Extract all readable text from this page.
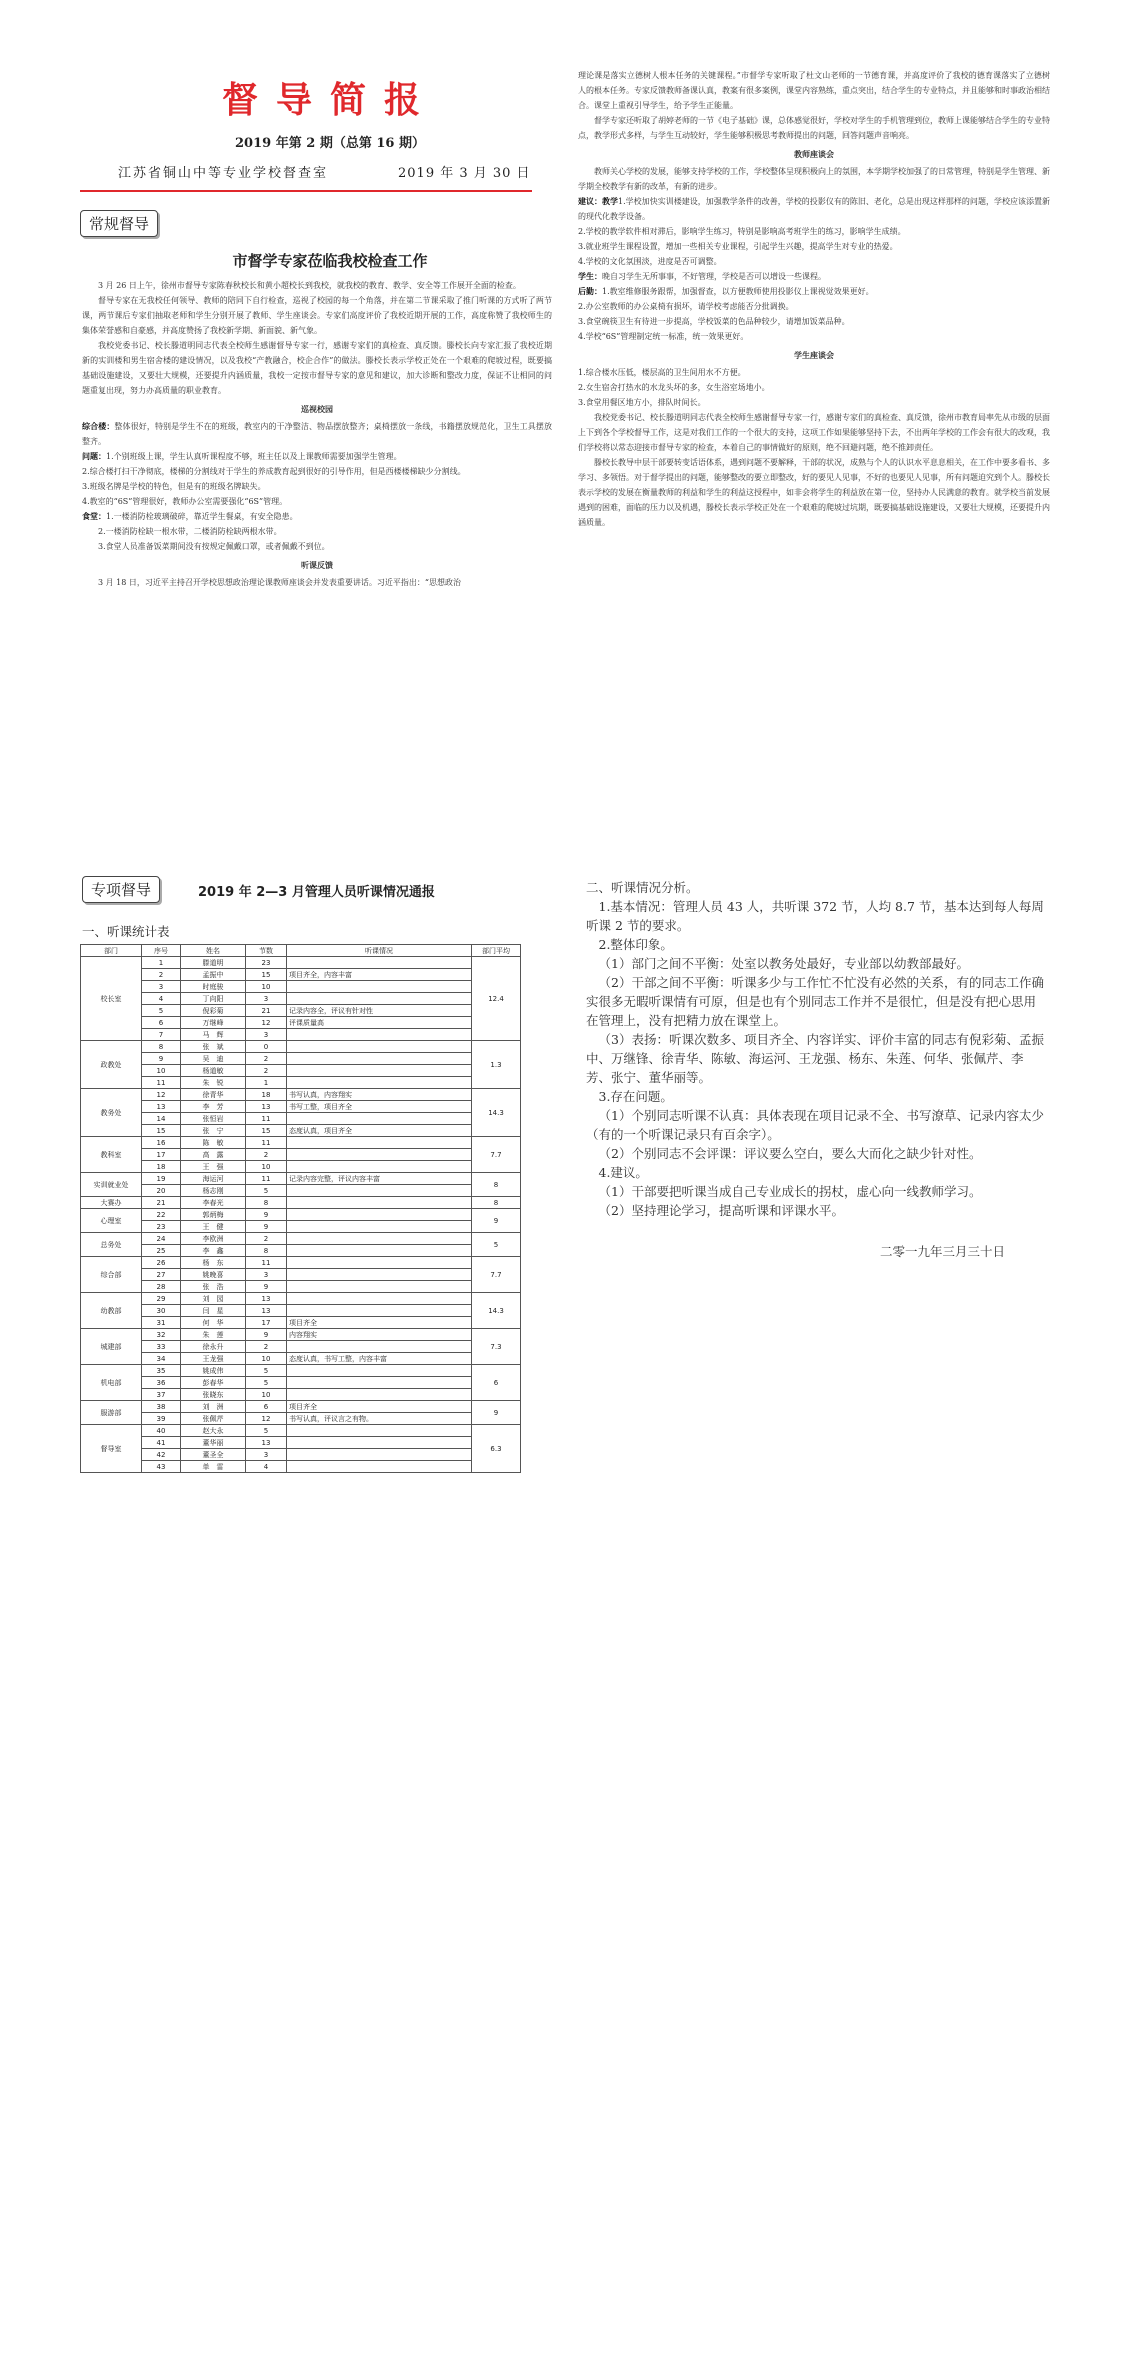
督导简报
2019 年第 2 期（总第 16 期）
江苏省铜山中等专业学校督查室	2019 年 3 月 30 日
常规督导
市督学专家莅临我校检查工作

3 月 26 日上午，徐州市督导专家陈春秋校长和黄小超校长到我校，就我校的教育、教学、安全等工作展开全面的检查。

督导专家在无我校任何领导、教师的陪同下自行检查，巡视了校园的每一个角落，并在第二节课采取了推门听课的方式听了两节课，两节课后专家们抽取老师和学生分别开展了教师、学生座谈会。专家们高度评价了我校近期开展的工作，高度称赞了我校师生的集体荣誉感和自豪感，并高度赞扬了我校新学期、新面貌、新气象。

我校党委书记、校长滕道明同志代表全校师生感谢督导专家一行，感谢专家们的真检查、真反馈。滕校长向专家汇报了我校近期新的实训楼和男生宿舍楼的建设情况，以及我校“产教融合，校企合作”的做法。滕校长表示学校正处在一个艰难的爬坡过程，既要搞基础设施建设，又要壮大规模，还要提升内涵质量，我校一定按市督导专家的意见和建议，加大诊断和整改力度，保证不让相同的问题重复出现，努力办高质量的职业教育。

巡视校园

综合楼：整体很好，特别是学生不在的班级，教室内的干净整洁、物品摆放整齐；桌椅摆放一条线，书籍摆放规范化，卫生工具摆放整齐。

问题：1.个别班级上课，学生认真听课程度不够，班主任以及上课教师需要加强学生管理。

2.综合楼打扫干净彻底，楼梯的分割线对于学生的养成教育起到很好的引导作用，但是西楼楼梯缺少分割线。

3.班级名牌是学校的特色，但是有的班级名牌缺失。

4.教室的“6S”管理很好，教师办公室需要强化“6S”管理。

食堂：1.一楼消防栓玻璃破碎，靠近学生餐桌，有安全隐患。

2.一楼消防栓缺一根水带，二楼消防栓缺两根水带。

3.食堂人员准备饭菜期间没有按规定佩戴口罩，或者佩戴不到位。

听课反馈

3 月 18 日，习近平主持召开学校思想政治理论课教师座谈会并发表重要讲话。习近平指出：“思想政治

理论课是落实立德树人根本任务的关键课程。”市督学专家听取了杜文山老师的一节德育课，并高度评价了我校的德育课落实了立德树人的根本任务。专家反馈教师备课认真，教案有很多案例，课堂内容熟练，重点突出，结合学生的专业特点，并且能够和时事政治相结合。课堂上重视引导学生，给予学生正能量。

督学专家还听取了胡婷老师的一节《电子基础》课，总体感觉很好，学校对学生的手机管理到位，教师上课能够结合学生的专业特点，教学形式多样，与学生互动较好，学生能够积极思考教师提出的问题，回答问题声音响亮。

教师座谈会

教师关心学校的发展，能够支持学校的工作，学校整体呈现积极向上的氛围，本学期学校加强了的日常管理，特别是学生管理、新学期全校教学有新的改革，有新的进步。

建议：教学1.学校加快实训楼建设，加强教学条件的改善，学校的投影仪有的陈旧、老化，总是出现这样那样的问题，学校应该添置新的现代化教学设备。

2.学校的教学软件相对滞后，影响学生练习，特别是影响高考班学生的练习，影响学生成绩。

3.就业班学生课程设置，增加一些相关专业课程，引起学生兴趣，提高学生对专业的热爱。

4.学校的文化氛围淡，进度是否可调整。

学生：晚自习学生无所事事，不好管理，学校是否可以增设一些课程。

后勤：1.教室维修服务跟帮，加强督查，以方便教师使用投影仪上课视觉效果更好。

2.办公室教师的办公桌椅有损坏，请学校考虑能否分批调换。

3.食堂碗筷卫生有待进一步提高，学校饭菜的色品种较少，请增加饭菜品种。

4.学校“6S”管理制定统一标准，统一效果更好。

学生座谈会

1.综合楼水压低，楼层高的卫生间用水不方便。

2.女生宿舍打热水的水龙头坏的多，女生浴室场地小。

3.食堂用餐区地方小，排队时间长。

我校党委书记、校长滕道明同志代表全校师生感谢督导专家一行，感谢专家们的真检查、真反馈，徐州市教育局率先从市级的层面上下到各个学校督导工作，这是对我们工作的一个很大的支持，这项工作如果能够坚持下去，不出两年学校的工作会有很大的改观，我们学校将以常态迎接市督导专家的检查，本着自己的事情做好的原则，绝不回避问题，绝不推卸责任。

滕校长教导中层干部要转变话语体系，遇到问题不要解释，干部的状况，成熟与个人的认识水平息息相关，在工作中要多看书、多学习、多领悟。对于督学提出的问题，能够整改的要立即整改，好的要见人见事，不好的也要见人见事，所有问题迫究到个人。滕校长表示学校的发展在衡量教师的利益和学生的利益这授程中，如非会将学生的利益放在第一位，坚持办人民满意的教育。就学校当前发展遇到的困难，面临的压力以及机遇，滕校长表示学校正处在一个艰难的爬坡过坑期，既要搞基础设施建设，又要壮大规模，还要提升内涵质量。

专项督导	2019 年 2—3 月管理人员听课情况通报
一、听课统计表
部门	序号	姓名	节数	听课情况	部门平均
校长室	1	滕道明	23		12.4
	2	孟振中	15	项目齐全，内容丰富	
	3	时庭骏	10		
	4	丁向阳	3		
	5	倪彩菊	21	记录内容全，评议有针对性	
	6	万继峰	12	评课质量高	
	7	马　辉	3		
政教处	8	张　斌	0		1.3
	9	吴　迪	2		
	10	杨道敏	2		
	11	朱　锐	1		
教务处	12	徐青华	18	书写认真，内容翔实	14.3
	13	李　芳	13	书写工整，项目齐全	
	14	张恒岩	11		
	15	张　宁	15	态度认真，项目齐全	
教科室	16	陈　敏	11		7.7
	17	高　露	2		
	18	王　强	10		
实训就业处	19	海运河	11	记录内容完整，评议内容丰富	8
	20	杨志刚	5		
大赛办	21	李春光	8		8
心理室	22	郭炳梅	9		9
	23	王　健	9		
总务处	24	李欧洲	2		5
	25	李　鑫	8		
综合部	26	杨　东	11		7.7
	27	姚晚喜	3		
	28	张　浩	9		
幼教部	29	刘　园	13		14.3
	30	闫　星	13		
	31	何　华	17	项目齐全	
城建部	32	朱　莲	9	内容翔实	7.3
	33	徐永升	2		
	34	王龙强	10	态度认真，书写工整，内容丰富	
机电部	35	姚成伟	5		6
	36	彭春华	5		
	37	张晓东	10		
服游部	38	刘　洲	6	项目齐全	9
	39	张佩芹	12	书写认真，评议言之有物。	
督导室	40	赵大永	5		6.3
	41	董华丽	13		
	42	董圣全	3		
	43	单　雷	4		

二、听课情况分析。

1.基本情况：管理人员 43 人，共听课 372 节，人均 8.7 节，基本达到每人每周听课 2 节的要求。

2.整体印象。

（1）部门之间不平衡：处室以教务处最好，专业部以幼教部最好。

（2）干部之间不平衡：听课多少与工作忙不忙没有必然的关系，有的同志工作确实很多无暇听课情有可原，但是也有个别同志工作并不是很忙，但是没有把心思用在管理上，没有把精力放在课堂上。

（3）表扬：听课次数多、项目齐全、内容详实、评价丰富的同志有倪彩菊、孟振中、万继锋、徐青华、陈敏、海运河、王龙强、杨东、朱莲、何华、张佩芹、李芳、张宁、董华丽等。

3.存在问题。

（1）个别同志听课不认真：具体表现在项目记录不全、书写潦草、记录内容太少（有的一个听课记录只有百余字）。

（2）个别同志不会评课：评议要么空白，要么大而化之缺少针对性。

4.建议。

（1）干部要把听课当成自己专业成长的拐杖，虚心向一线教师学习。

（2）坚持理论学习，提高听课和评课水平。

二零一九年三月三十日
